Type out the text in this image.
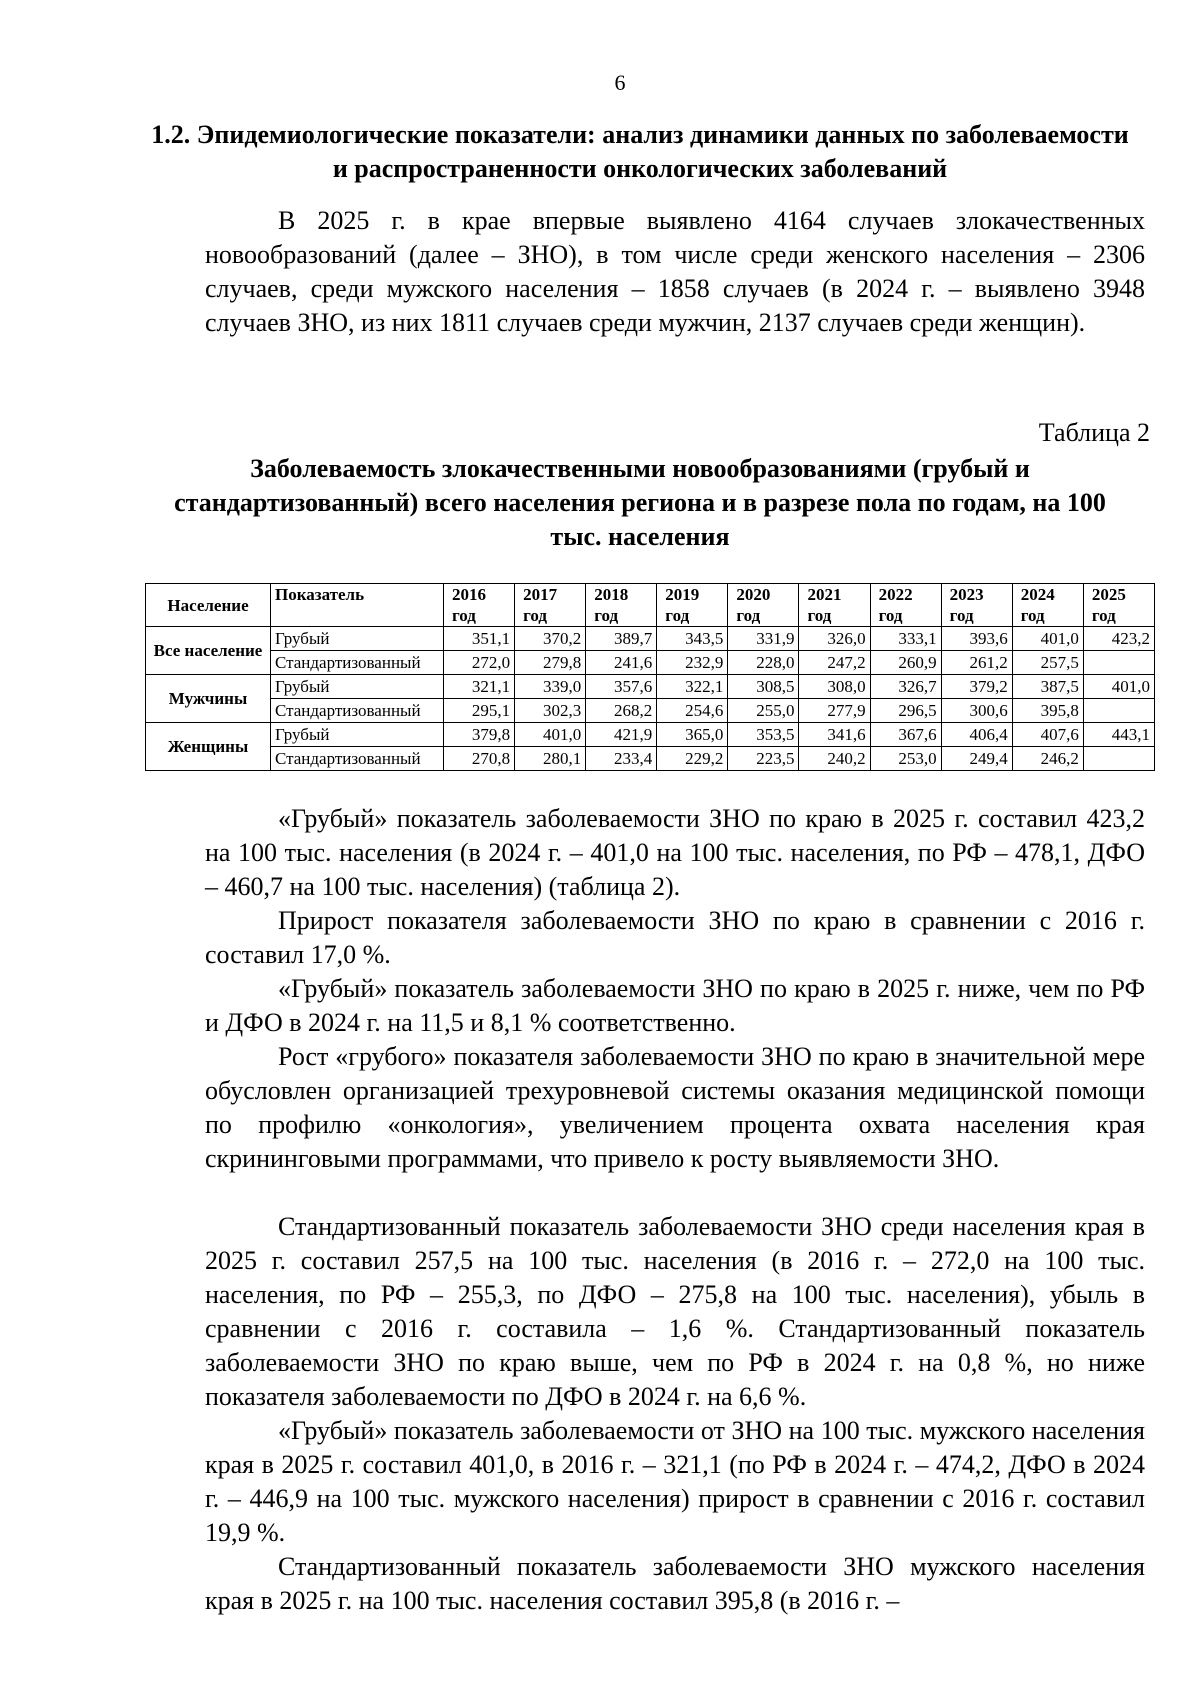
6
1.2. Эпидемиологические показатели: анализ динамики данных по заболеваемости и распространенности онкологических заболеваний
В 2025 г. в крае впервые выявлено 4164 случаев злокачественных новообразований (далее – ЗНО), в том числе среди женского населения – 2306 случаев, среди мужского населения – 1858 случаев (в 2024 г. – выявлено 3948 случаев ЗНО, из них 1811 случаев среди мужчин, 2137 случаев среди женщин).
Таблица 2
Заболеваемость злокачественными новообразованиями (грубый и стандартизованный) всего населения региона и в разрезе пола по годам, на 100 тыс. населения
Население	Показатель	2016 год	2017 год	2018 год	2019 год	2020 год	2021 год	2022 год	2023 год	2024 год	2025 год
Все население	Грубый	351,1	370,2	389,7	343,5	331,9	326,0	333,1	393,6	401,0	423,2
	Стандартизованный	272,0	279,8	241,6	232,9	228,0	247,2	260,9	261,2	257,5	
Мужчины	Грубый	321,1	339,0	357,6	322,1	308,5	308,0	326,7	379,2	387,5	401,0
	Стандартизованный	295,1	302,3	268,2	254,6	255,0	277,9	296,5	300,6	395,8	
Женщины	Грубый	379,8	401,0	421,9	365,0	353,5	341,6	367,6	406,4	407,6	443,1
	Стандартизованный	270,8	280,1	233,4	229,2	223,5	240,2	253,0	249,4	246,2	
«Грубый» показатель заболеваемости ЗНО по краю в 2025 г. составил 423,2 на 100 тыс. населения (в 2024 г. – 401,0 на 100 тыс. населения, по РФ – 478,1, ДФО – 460,7 на 100 тыс. населения) (таблица 2).
Прирост показателя заболеваемости ЗНО по краю в сравнении с 2016 г. составил 17,0 %.
«Грубый» показатель заболеваемости ЗНО по краю в 2025 г. ниже, чем по РФ и ДФО в 2024 г. на 11,5 и 8,1 % соответственно.
Рост «грубого» показателя заболеваемости ЗНО по краю в значительной мере обусловлен организацией трехуровневой системы оказания медицинской помощи по профилю «онкология», увеличением процента охвата населения края скрининговыми программами, что привело к росту выявляемости ЗНО.
Стандартизованный показатель заболеваемости ЗНО среди населения края в 2025 г. составил 257,5 на 100 тыс. населения (в 2016 г. – 272,0 на 100 тыс. населения, по РФ – 255,3, по ДФО – 275,8 на 100 тыс. населения), убыль в сравнении с 2016 г. составила – 1,6 %. Стандартизованный показатель заболеваемости ЗНО по краю выше, чем по РФ в 2024 г. на 0,8 %, но ниже показателя заболеваемости по ДФО в 2024 г. на 6,6 %.
«Грубый» показатель заболеваемости от ЗНО на 100 тыс. мужского населения края в 2025 г. составил 401,0, в 2016 г. – 321,1 (по РФ в 2024 г. – 474,2, ДФО в 2024 г. – 446,9 на 100 тыс. мужского населения) прирост в сравнении с 2016 г. составил 19,9 %.
Стандартизованный показатель заболеваемости ЗНО мужского населения края в 2025 г. на 100 тыс. населения составил 395,8 (в 2016 г. –
